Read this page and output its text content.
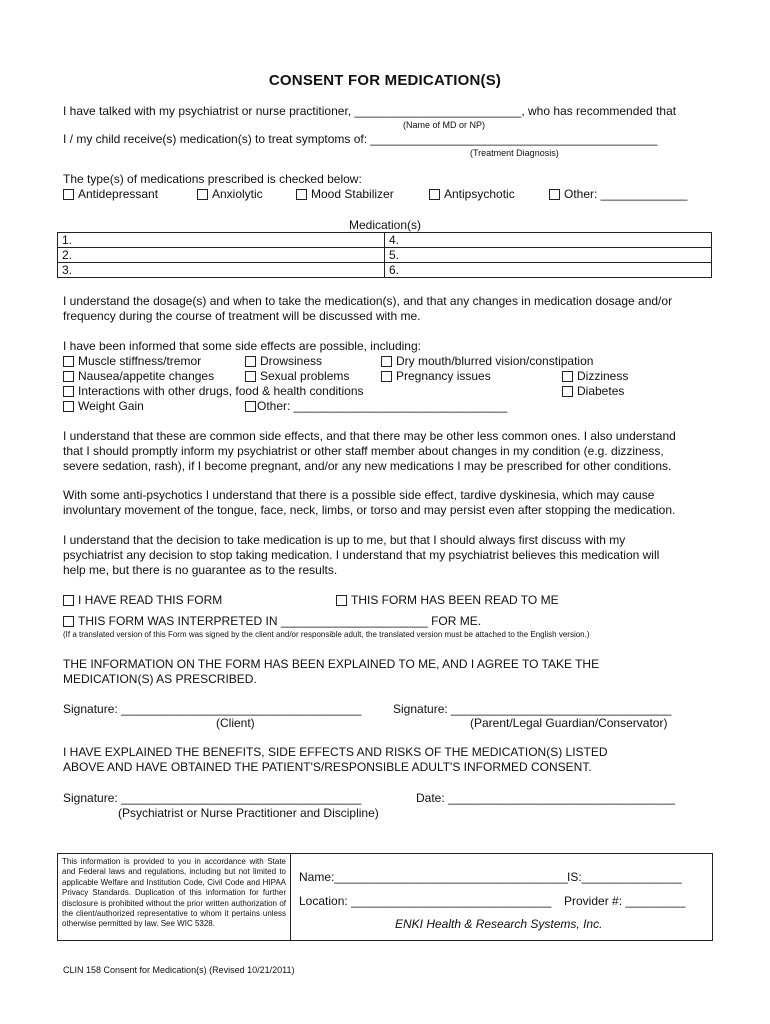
CONSENT FOR MEDICATION(S)
I have talked with my psychiatrist or nurse practitioner, _________________________, who has recommended that
(Name of MD or NP)
I / my child receive(s) medication(s) to treat symptoms of: ___________________________________________
(Treatment Diagnosis)
The type(s) of medications prescribed is checked below:
Antidepressant	Anxiolytic	Mood Stabilizer	Antipsychotic	Other: _____________
Medication(s)
1.	4.
2.	5.
3.	6.
I understand the dosage(s) and when to take the medication(s), and that any changes in medication dosage and/or
frequency during the course of treatment will be discussed with me.
I have been informed that some side effects are possible, including:
Muscle stiffness/tremor	Drowsiness	Dry mouth/blurred vision/constipation
Nausea/appetite changes	Sexual problems	Pregnancy issues	Dizziness
Interactions with other drugs, food & health conditions	Diabetes
Weight Gain	Other: ________________________________
I understand that these are common side effects, and that there may be other less common ones. I also understand
that I should promptly inform my psychiatrist or other staff member about changes in my condition (e.g. dizziness,
severe sedation, rash), if I become pregnant, and/or any new medications I may be prescribed for other conditions.
With some anti-psychotics I understand that there is a possible side effect, tardive dyskinesia, which may cause
involuntary movement of the tongue, face, neck, limbs, or torso and may persist even after stopping the medication.
I understand that the decision to take medication is up to me, but that I should always first discuss with my
psychiatrist any decision to stop taking medication. I understand that my psychiatrist believes this medication will
help me, but there is no guarantee as to the results.
I HAVE READ THIS FORM	THIS FORM HAS BEEN READ TO ME
THIS FORM WAS INTERPRETED IN ______________________ FOR ME.
(If a translated version of this Form was signed by the client and/or responsible adult, the translated version must be attached to the English version.)
THE INFORMATION ON THE FORM HAS BEEN EXPLAINED TO ME, AND I AGREE TO TAKE THE
MEDICATION(S) AS PRESCRIBED.
Signature: ____________________________________
(Client)
Signature: _________________________________
(Parent/Legal Guardian/Conservator)
I HAVE EXPLAINED THE BENEFITS, SIDE EFFECTS AND RISKS OF THE MEDICATION(S) LISTED
ABOVE AND HAVE OBTAINED THE PATIENT'S/RESPONSIBLE ADULT'S INFORMED CONSENT.
Signature: ____________________________________
(Psychiatrist or Nurse Practitioner and Discipline)
Date: __________________________________
This information is provided to you in accordance with State and Federal laws and regulations, including but not limited to applicable Welfare and Institution Code, Civil Code and HIPAA Privacy Standards. Duplication of this information for further disclosure is prohibited without the prior written authorization of the client/authorized representative to whom it pertains unless otherwise permitted by law. See WIC 5328.
Name:___________________________________ IS:_______________
Location: ______________________________ Provider #: _________
ENKI Health & Research Systems, Inc.
CLIN 158 Consent for Medication(s) (Revised 10/21/2011)
